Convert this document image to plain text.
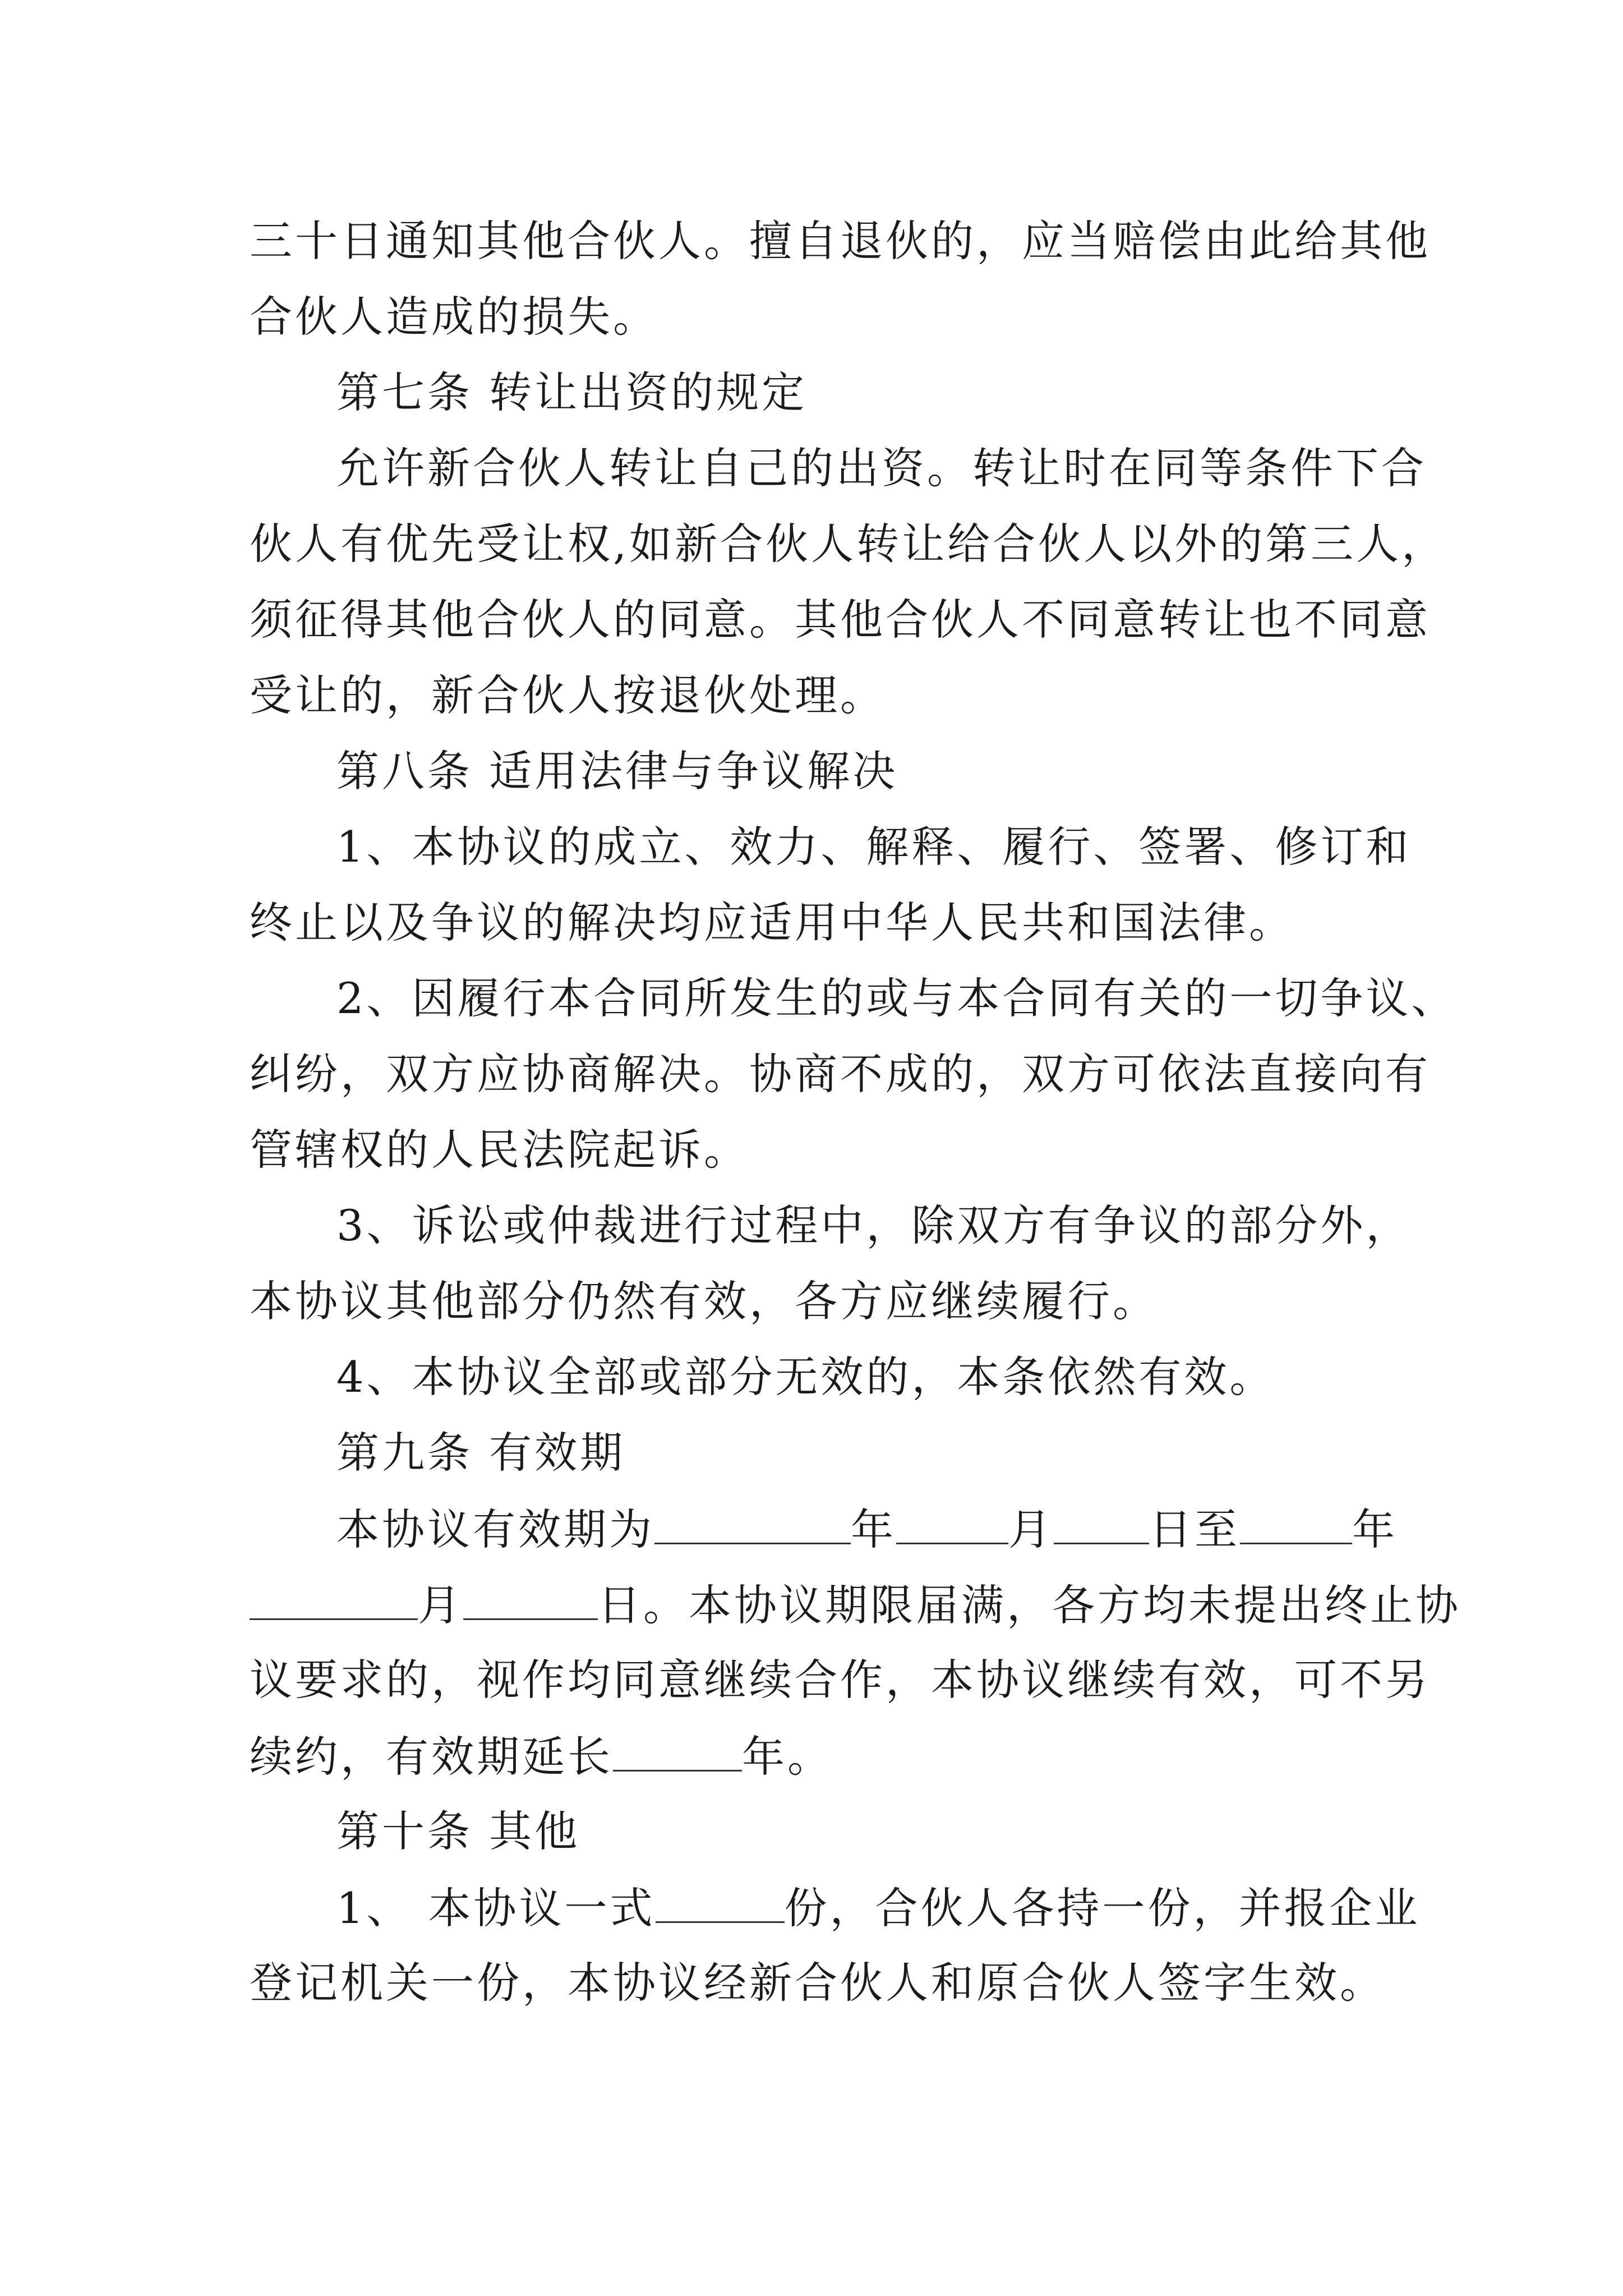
三十日通知其他合伙人。擅自退伙的，应当赔偿由此给其他
合伙人造成的损失。
第七条 转让出资的规定
允许新合伙人转让自己的出资。转让时在同等条件下合
伙人有优先受让权,如新合伙人转让给合伙人以外的第三人，
须征得其他合伙人的同意。其他合伙人不同意转让也不同意
受让的，新合伙人按退伙处理。
第八条 适用法律与争议解决
1、本协议的成立、效力、解释、履行、签署、修订和
终止以及争议的解决均应适用中华人民共和国法律。
2、因履行本合同所发生的或与本合同有关的一切争议、
纠纷，双方应协商解决。协商不成的，双方可依法直接向有
管辖权的人民法院起诉。
3、诉讼或仲裁进行过程中，除双方有争议的部分外，
本协议其他部分仍然有效，各方应继续履行。
4、本协议全部或部分无效的，本条依然有效。
第九条 有效期
本协议有效期为	年	月 日至	年
月	日。本协议期限届满，各方均未提出终止协
议要求的，视作均同意继续合作，本协议继续有效，可不另
续约，有效期延长	年。
第十条 其他
1、 本协议一式	份，合伙人各持一份，并报企业
登记机关一份，本协议经新合伙人和原合伙人签字生效。
